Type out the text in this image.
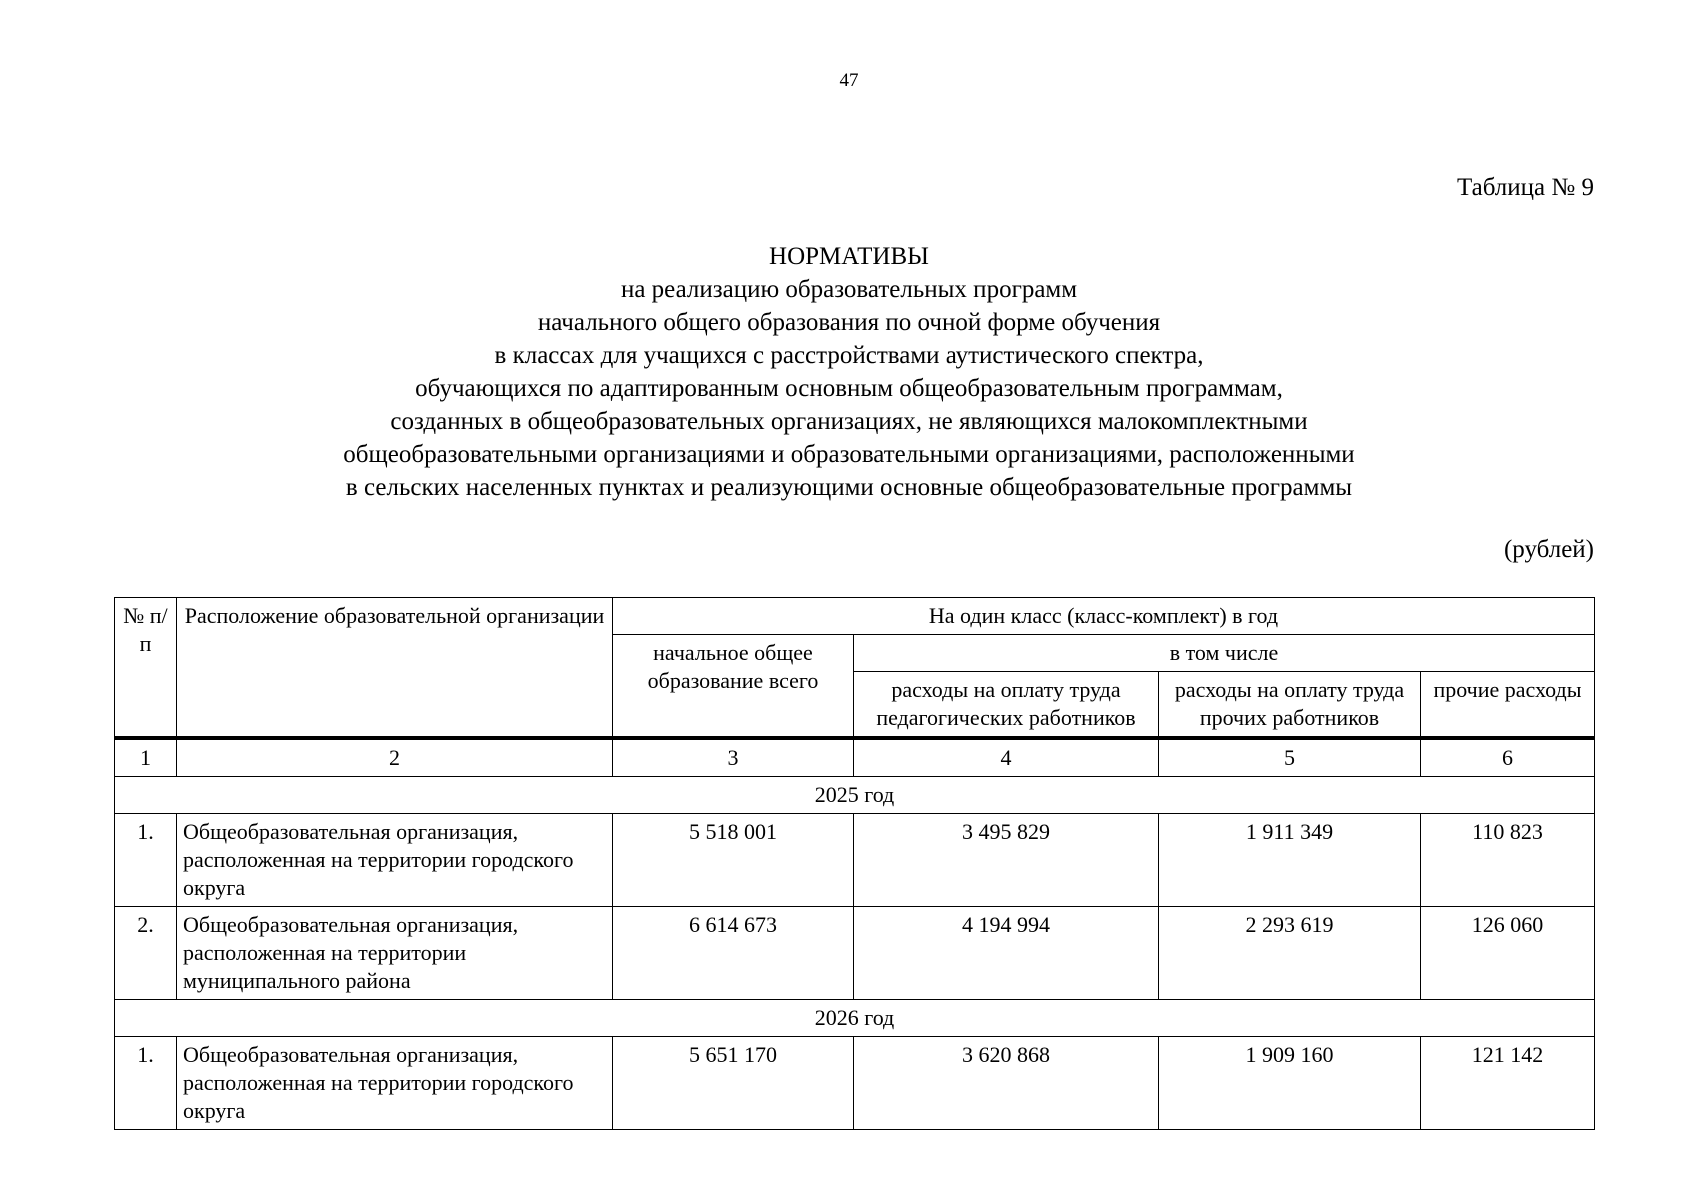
47
Таблица № 9
НОРМАТИВЫ
на реализацию образовательных программ
начального общего образования по очной форме обучения
в классах для учащихся с расстройствами аутистического спектра,
обучающихся по адаптированным основным общеобразовательным программам,
созданных в общеобразовательных организациях, не являющихся малокомплектными
общеобразовательными организациями и образовательными организациями, расположенными
в сельских населенных пунктах и реализующими основные общеобразовательные программы
(рублей)
№ п/п	Расположение образовательной организации	На один класс (класс-комплект) в год			
		начальное общее образование всего	в том числе		
			расходы на оплату труда педагогических работников	расходы на оплату труда прочих работников	прочие расходы
1	2	3	4	5	6
2025 год					
1.	Общеобразовательная организация, расположенная на территории городского округа	5 518 001	3 495 829	1 911 349	110 823
2.	Общеобразовательная организация, расположенная на территории муниципального района	6 614 673	4 194 994	2 293 619	126 060
2026 год					
1.	Общеобразовательная организация, расположенная на территории городского округа	5 651 170	3 620 868	1 909 160	121 142
